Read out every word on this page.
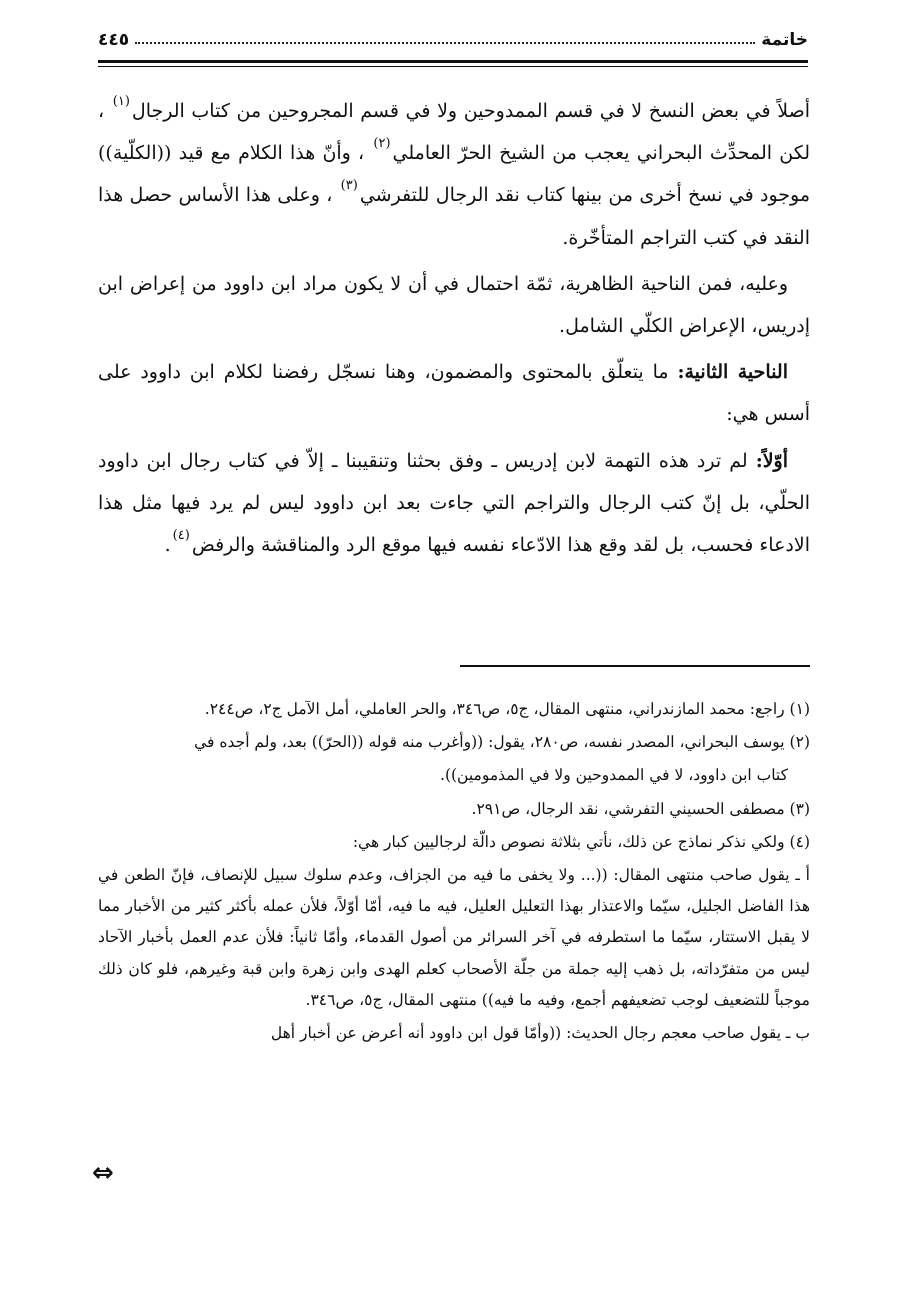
خاتمة
٤٤٥

أصلاً في بعض النسخ لا في قسم الممدوحين ولا في قسم المجروحين من كتاب الرجال$^{(١)}$ ، لكن المحدِّث البحراني يعجب من الشيخ الحرّ العاملي$^{(٢)}$ ، وأنّ هذا الكلام مع قيد ((الكلّية)) موجود في نسخ أخرى من بينها كتاب نقد الرجال للتفرشي$^{(٣)}$ ، وعلى هذا الأساس حصل هذا النقد في كتب التراجم المتأخّرة.

وعليه، فمن الناحية الظاهرية، ثمّة احتمال في أن لا يكون مراد ابن داوود من إعراض ابن إدريس، الإعراض الكلّي الشامل.

الناحية الثانية: ما يتعلّق بالمحتوى والمضمون، وهنا نسجّل رفضنا لكلام ابن داوود على أسس هي:

أوّلاً: لم ترد هذه التهمة لابن إدريس ـ وفق بحثنا وتنقيبنا ـ إلاّ في كتاب رجال ابن داوود الحلّي، بل إنّ كتب الرجال والتراجم التي جاءت بعد ابن داوود ليس لم يرد فيها مثل هذا الادعاء فحسب، بل لقد وقع هذا الادّعاء نفسه فيها موقع الرد والمناقشة والرفض$^{(٤)}$.

(١) راجع: محمد المازندراني، منتهى المقال، ج٥، ص٣٤٦، والحر العاملي، أمل الآمل ج٢، ص٢٤٤.

(٢) يوسف البحراني، المصدر نفسه، ص٢٨٠، يقول: ((وأغرب منه قوله ((الحرّ)) بعد، ولم أجده في

كتاب ابن داوود، لا في الممدوحين ولا في المذمومين)).

(٣) مصطفى الحسيني التفرشي، نقد الرجال، ص٢٩١.

(٤) ولكي نذكر نماذج عن ذلك، نأتي بثلاثة نصوص دالّة لرجاليين كبار هي:

أ ـ يقول صاحب منتهى المقال: ((... ولا يخفى ما فيه من الجزاف، وعدم سلوك سبيل للإنصاف، فإنّ الطعن في هذا الفاضل الجليل، سيّما والاعتذار بهذا التعليل العليل، فيه ما فيه، أمّا أوّلاً، فلأن عمله بأكثر كثير من الأخبار مما لا يقبل الاستتار، سيّما ما استطرفه في آخر السرائر من أصول القدماء، وأمّا ثانياً: فلأن عدم العمل بأخبار الآحاد ليس من متفرّداته، بل ذهب إليه جملة من جلّة الأصحاب كعلم الهدى وابن زهرة وابن قبة وغيرهم، فلو كان ذلك موجباً للتضعيف لوجب تضعيفهم أجمع، وفيه ما فيه)) منتهى المقال، ج٥، ص٣٤٦.

ب ـ يقول صاحب معجم رجال الحديث: ((وأمّا قول ابن داوود أنه أعرض عن أخبار أهل

⇔
